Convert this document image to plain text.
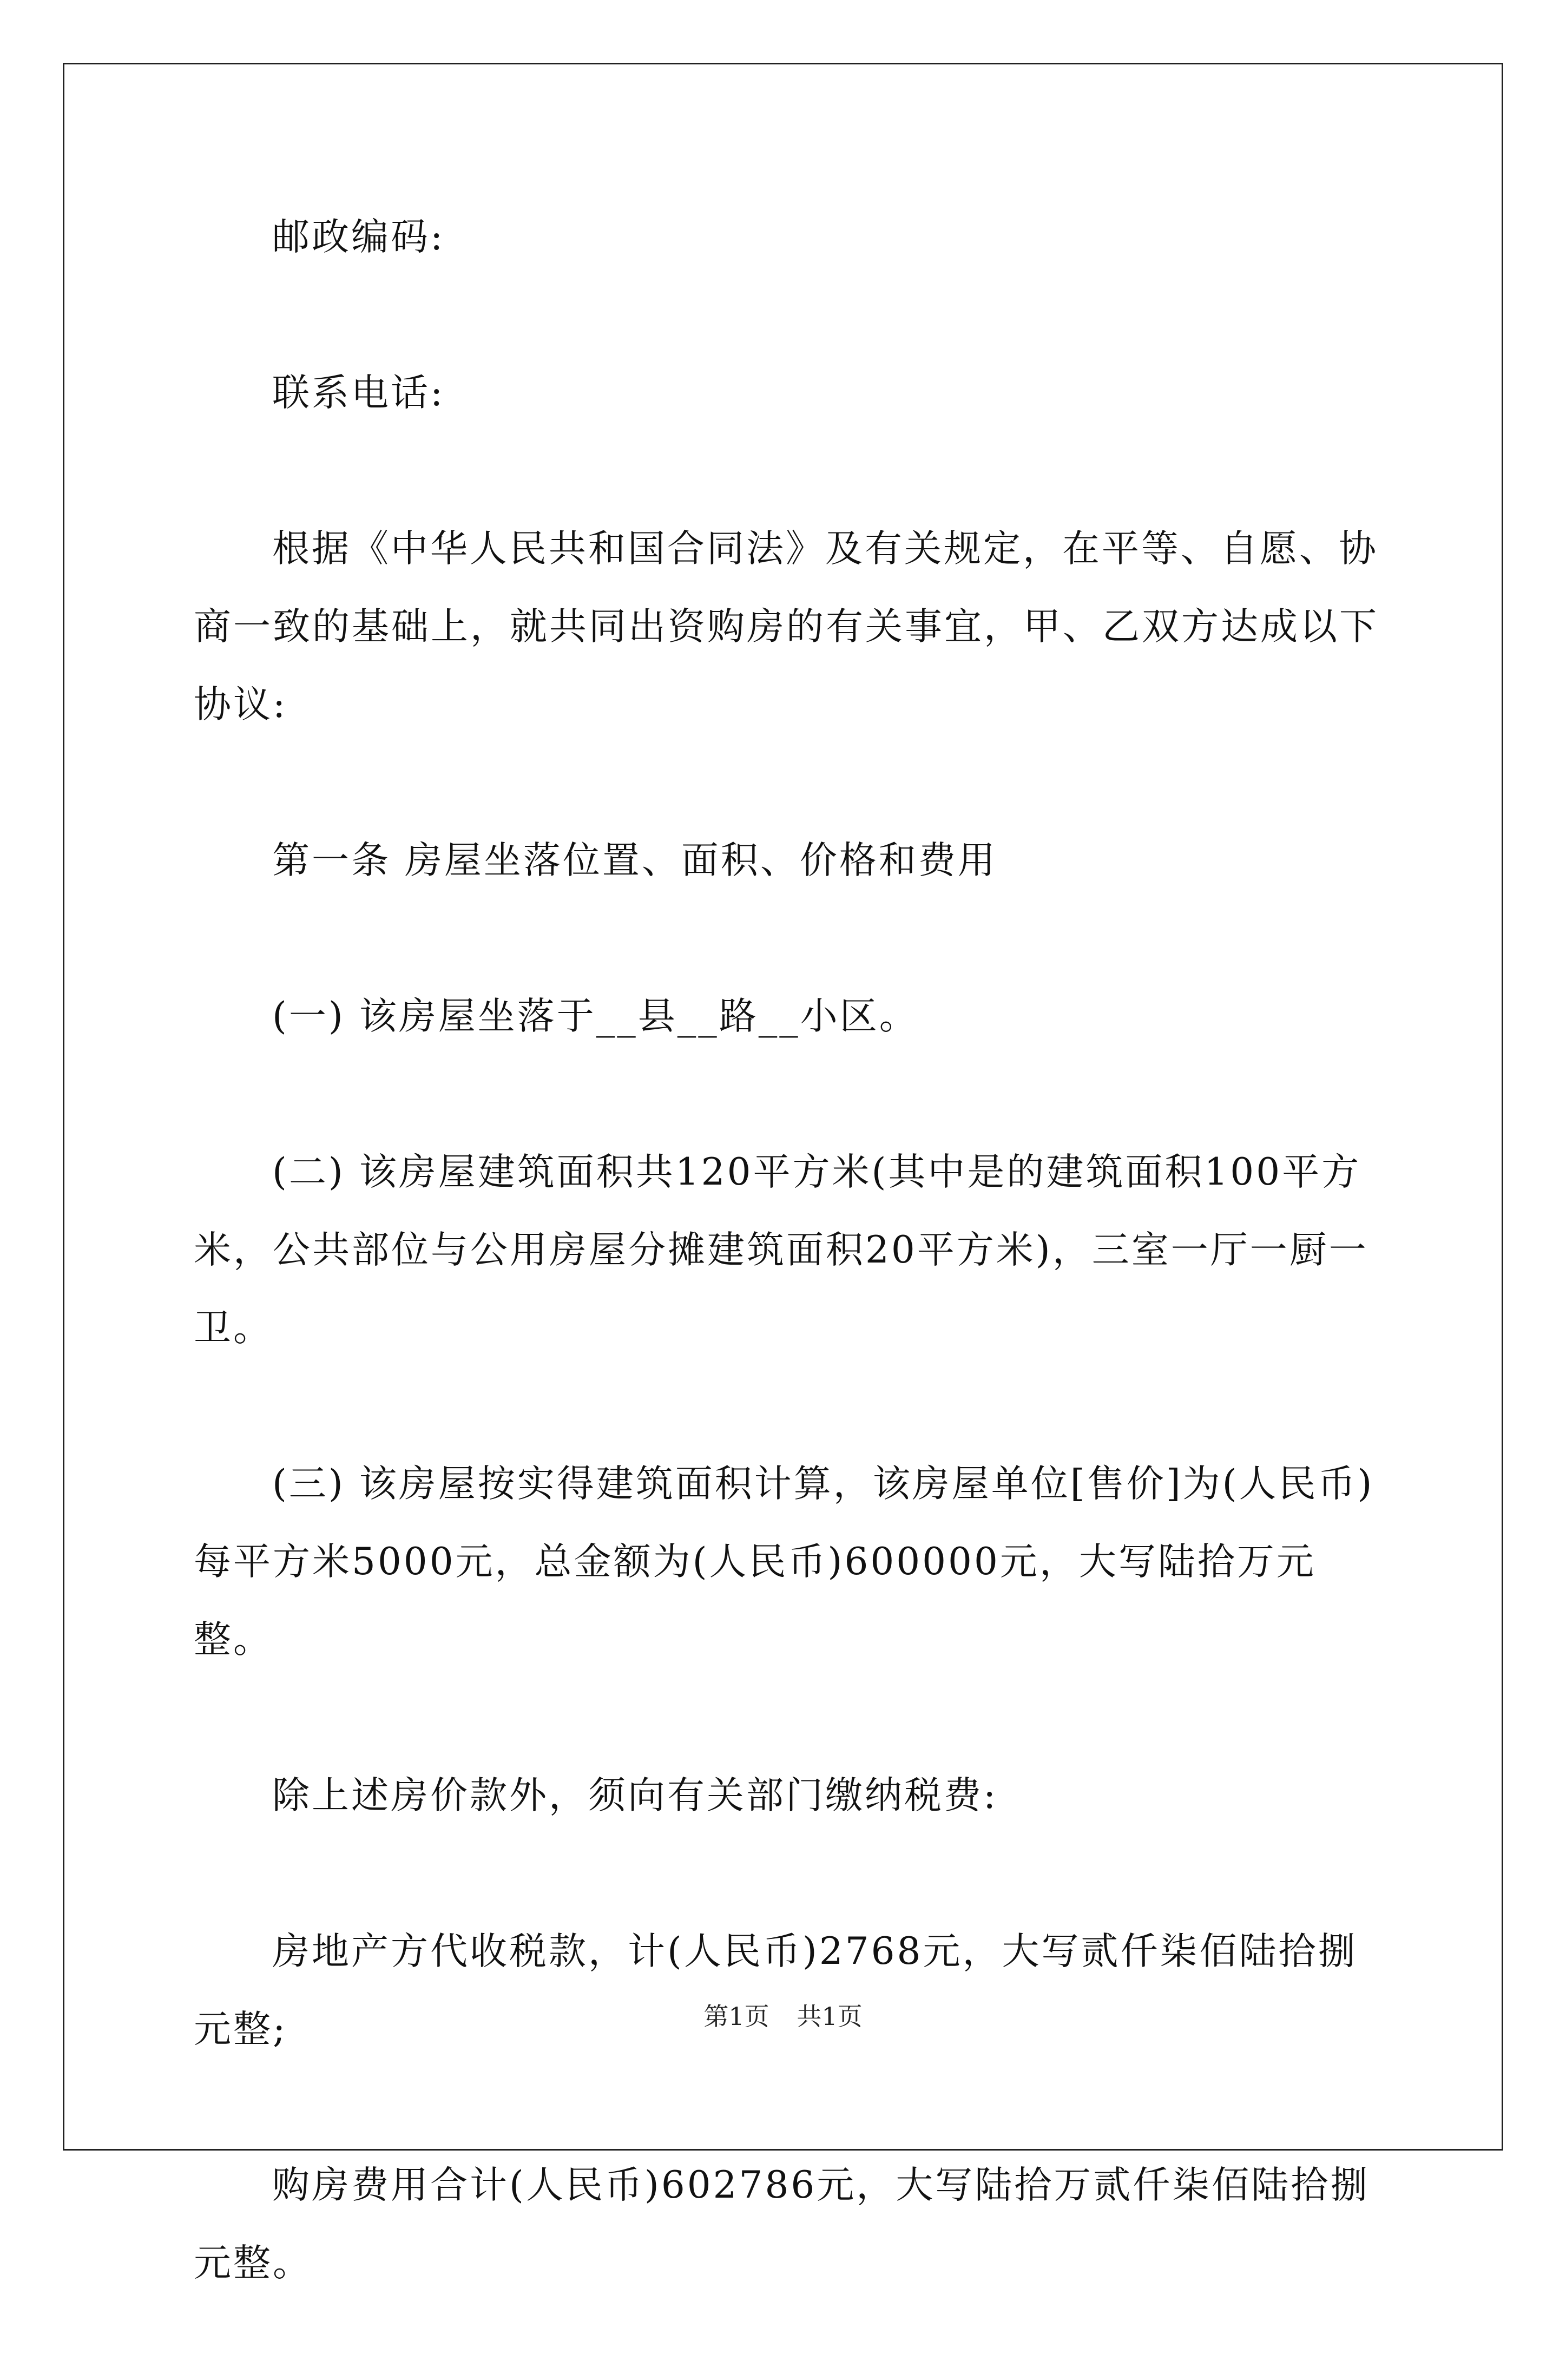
邮政编码:

联系电话:

根据《中华人民共和国合同法》及有关规定，在平等、自愿、协商一致的基础上，就共同出资购房的有关事宜，甲、乙双方达成以下协议:

第一条 房屋坐落位置、面积、价格和费用

(一) 该房屋坐落于__县__路__小区。

(二) 该房屋建筑面积共120平方米(其中是的建筑面积100平方米，公共部位与公用房屋分摊建筑面积20平方米)，三室一厅一厨一卫。

(三) 该房屋按实得建筑面积计算，该房屋单位[售价]为(人民币)每平方米5000元，总金额为(人民币)600000元，大写陆拾万元整。

除上述房价款外，须向有关部门缴纳税费:

房地产方代收税款，计(人民币)2768元，大写贰仟柒佰陆拾捌元整;

购房费用合计(人民币)602786元，大写陆拾万贰仟柒佰陆拾捌元整。

第1页 共1页
